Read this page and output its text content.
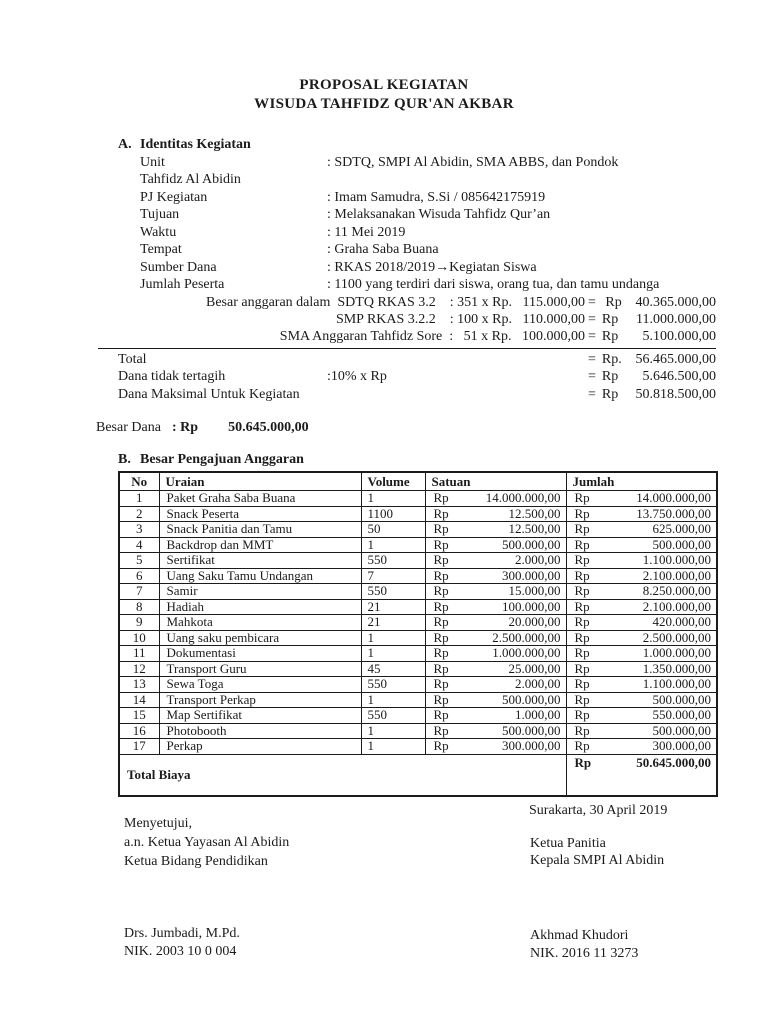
PROPOSAL KEGIATAN
WISUDA TAHFIDZ QUR'AN AKBAR
A. Identitas Kegiatan
Unit	: SDTQ, SMPI Al Abidin, SMA ABBS, dan Pondok
Tahfidz Al Abidin
PJ Kegiatan	: Imam Samudra, S.Si / 085642175919
Tujuan	: Melaksanakan Wisuda Tahfidz Qur’an
Waktu	: 11 Mei 2019
Tempat	: Graha Saba Buana
Sumber Dana	: RKAS 2018/2019→Kegiatan Siswa
Jumlah Peserta	: 1100 yang terdiri dari siswa, orang tua, dan tamu undanga
Besar anggaran dalam  SDTQ RKAS 3.2    : 351 x Rp.   115.000,00 = Rp 40.365.000,00
SMP RKAS 3.2.2    : 100 x Rp.   110.000,00 = Rp 11.000.000,00
SMA Anggaran Tahfidz Sore  :   51 x Rp.   100.000,00 = Rp 5.100.000,00
Total	= Rp. 56.465.000,00
Dana tidak tertagih	:10% x Rp	= Rp 5.646.500,00
Dana Maksimal Untuk Kegiatan	= Rp 50.818.500,00
Besar Dana : Rp 50.645.000,00
B. Besar Pengajuan Anggaran
No	Uraian	Volume	Satuan	Jumlah
1	Paket Graha Saba Buana	1	Rp 14.000.000,00	Rp 14.000.000,00

2	Snack Peserta	1100	Rp 12.500,00	Rp 13.750.000,00

3	Snack Panitia dan Tamu	50	Rp 12.500,00	Rp 625.000,00

4	Backdrop dan MMT	1	Rp 500.000,00	Rp 500.000,00

5	Sertifikat	550	Rp 2.000,00	Rp 1.100.000,00

6	Uang Saku Tamu Undangan	7	Rp 300.000,00	Rp 2.100.000,00

7	Samir	550	Rp 15.000,00	Rp 8.250.000,00

8	Hadiah	21	Rp 100.000,00	Rp 2.100.000,00

9	Mahkota	21	Rp 20.000,00	Rp 420.000,00

10	Uang saku pembicara	1	Rp 2.500.000,00	Rp 2.500.000,00

11	Dokumentasi	1	Rp 1.000.000,00	Rp 1.000.000,00

12	Transport Guru	45	Rp 25.000,00	Rp 1.350.000,00

13	Sewa Toga	550	Rp 2.000,00	Rp 1.100.000,00

14	Transport Perkap	1	Rp 500.000,00	Rp 500.000,00

15	Map Sertifikat	550	Rp 1.000,00	Rp 550.000,00

16	Photobooth	1	Rp 500.000,00	Rp 500.000,00

17	Perkap	1	Rp 300.000,00	Rp 300.000,00

Total Biaya				Rp 50.645.000,00
Surakarta, 30 April 2019
Menyetujui,
a.n. Ketua Yayasan Al Abidin
Ketua Bidang Pendidikan
Drs. Jumbadi, M.Pd.
NIK. 2003 10 0 004
Ketua Panitia
Kepala SMPI Al Abidin
Akhmad Khudori
NIK. 2016 11 3273
